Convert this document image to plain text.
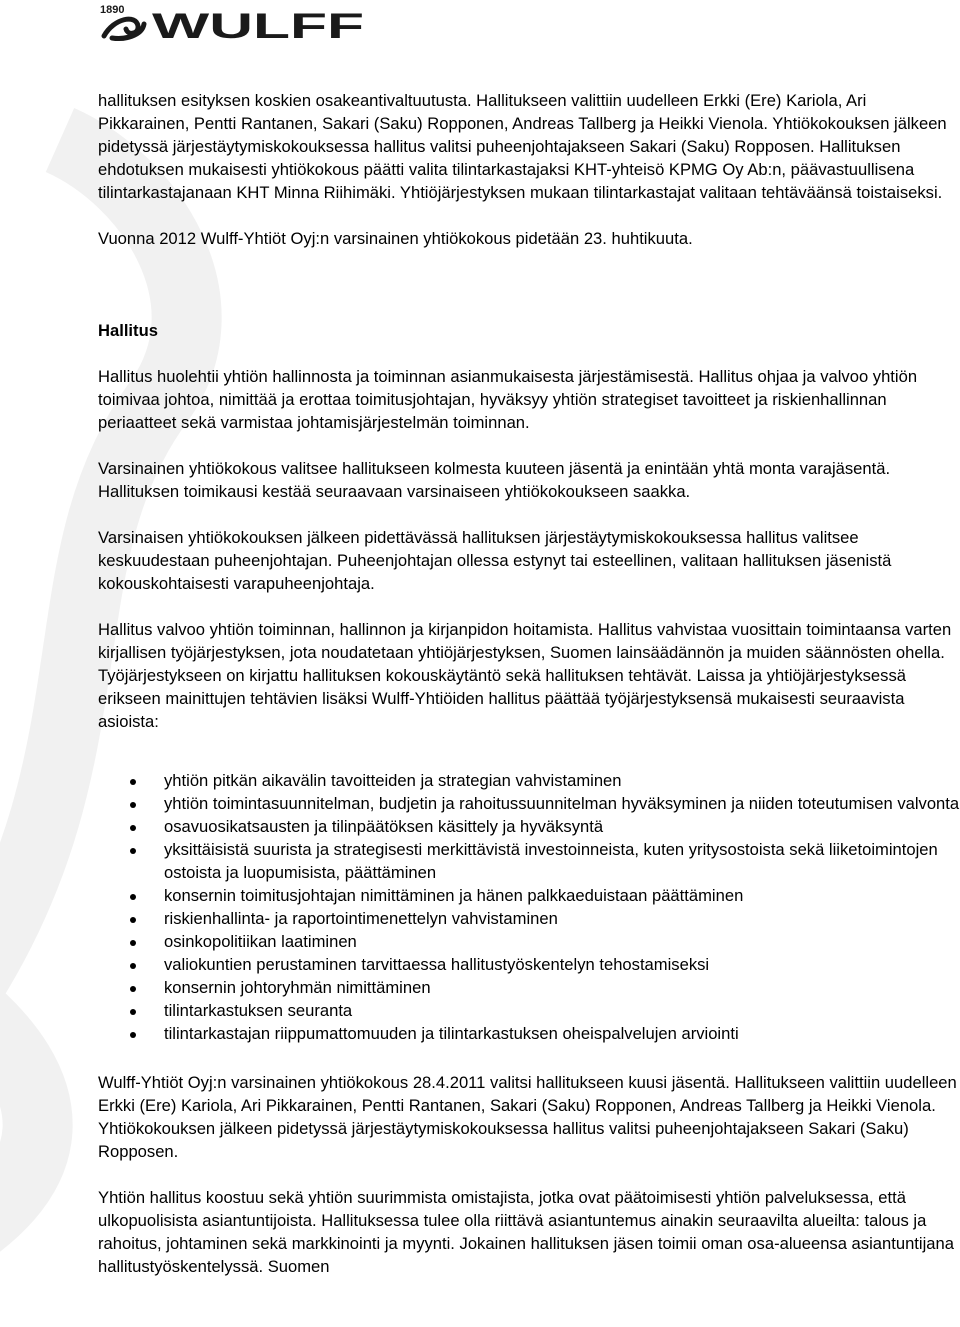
1890 WULFF

hallituksen esityksen koskien osakeantivaltuutusta. Hallitukseen valittiin uudelleen Erkki (Ere) Kariola, Ari Pikkarainen, Pentti Rantanen, Sakari (Saku) Ropponen, Andreas Tallberg ja Heikki Vienola. Yhtiökokouksen jälkeen pidetyssä järjestäytymiskokouksessa hallitus valitsi puheenjohtajakseen Sakari (Saku) Ropposen. Hallituksen ehdotuksen mukaisesti yhtiökokous päätti valita tilintarkastajaksi KHT-yhteisö KPMG Oy Ab:n, päävastuullisena tilintarkastajanaan KHT Minna Riihimäki. Yhtiöjärjestyksen mukaan tilintarkastajat valitaan tehtäväänsä toistaiseksi.

Vuonna 2012 Wulff-Yhtiöt Oyj:n varsinainen yhtiökokous pidetään 23. huhtikuuta.

Hallitus

Hallitus huolehtii yhtiön hallinnosta ja toiminnan asianmukaisesta järjestämisestä. Hallitus ohjaa ja valvoo yhtiön toimivaa johtoa, nimittää ja erottaa toimitusjohtajan, hyväksyy yhtiön strategiset tavoitteet ja riskienhallinnan periaatteet sekä varmistaa johtamisjärjestelmän toiminnan.

Varsinainen yhtiökokous valitsee hallitukseen kolmesta kuuteen jäsentä ja enintään yhtä monta varajäsentä. Hallituksen toimikausi kestää seuraavaan varsinaiseen yhtiökokoukseen saakka.

Varsinaisen yhtiökokouksen jälkeen pidettävässä hallituksen järjestäytymiskokouksessa hallitus valitsee keskuudestaan puheenjohtajan. Puheenjohtajan ollessa estynyt tai esteellinen, valitaan hallituksen jäsenistä kokouskohtaisesti varapuheenjohtaja.

Hallitus valvoo yhtiön toiminnan, hallinnon ja kirjanpidon hoitamista. Hallitus vahvistaa vuosittain toimintaansa varten kirjallisen työjärjestyksen, jota noudatetaan yhtiöjärjestyksen, Suomen lainsäädännön ja muiden säännösten ohella. Työjärjestykseen on kirjattu hallituksen kokouskäytäntö sekä hallituksen tehtävät. Laissa ja yhtiöjärjestyksessä erikseen mainittujen tehtävien lisäksi Wulff-Yhtiöiden hallitus päättää työjärjestyksensä mukaisesti seuraavista asioista:

yhtiön pitkän aikavälin tavoitteiden ja strategian vahvistaminen
yhtiön toimintasuunnitelman, budjetin ja rahoitussuunnitelman hyväksyminen ja niiden toteutumisen valvonta
osavuosikatsausten ja tilinpäätöksen käsittely ja hyväksyntä
yksittäisistä suurista ja strategisesti merkittävistä investoinneista, kuten yritysostoista sekä liiketoimintojen ostoista ja luopumisista, päättäminen
konsernin toimitusjohtajan nimittäminen ja hänen palkkaeduistaan päättäminen
riskienhallinta- ja raportointimenettelyn vahvistaminen
osinkopolitiikan laatiminen
valiokuntien perustaminen tarvittaessa hallitustyöskentelyn tehostamiseksi
konsernin johtoryhmän nimittäminen
tilintarkastuksen seuranta
tilintarkastajan riippumattomuuden ja tilintarkastuksen oheispalvelujen arviointi

Wulff-Yhtiöt Oyj:n varsinainen yhtiökokous 28.4.2011 valitsi hallitukseen kuusi jäsentä. Hallitukseen valittiin uudelleen Erkki (Ere) Kariola, Ari Pikkarainen, Pentti Rantanen, Sakari (Saku) Ropponen, Andreas Tallberg ja Heikki Vienola. Yhtiökokouksen jälkeen pidetyssä järjestäytymiskokouksessa hallitus valitsi puheenjohtajakseen Sakari (Saku) Ropposen.

Yhtiön hallitus koostuu sekä yhtiön suurimmista omistajista, jotka ovat päätoimisesti yhtiön palveluksessa, että ulkopuolisista asiantuntijoista. Hallituksessa tulee olla riittävä asiantuntemus ainakin seuraavilta alueilta: talous ja rahoitus, johtaminen sekä markkinointi ja myynti. Jokainen hallituksen jäsen toimii oman osa-alueensa asiantuntijana hallitustyöskentelyssä. Suomen
